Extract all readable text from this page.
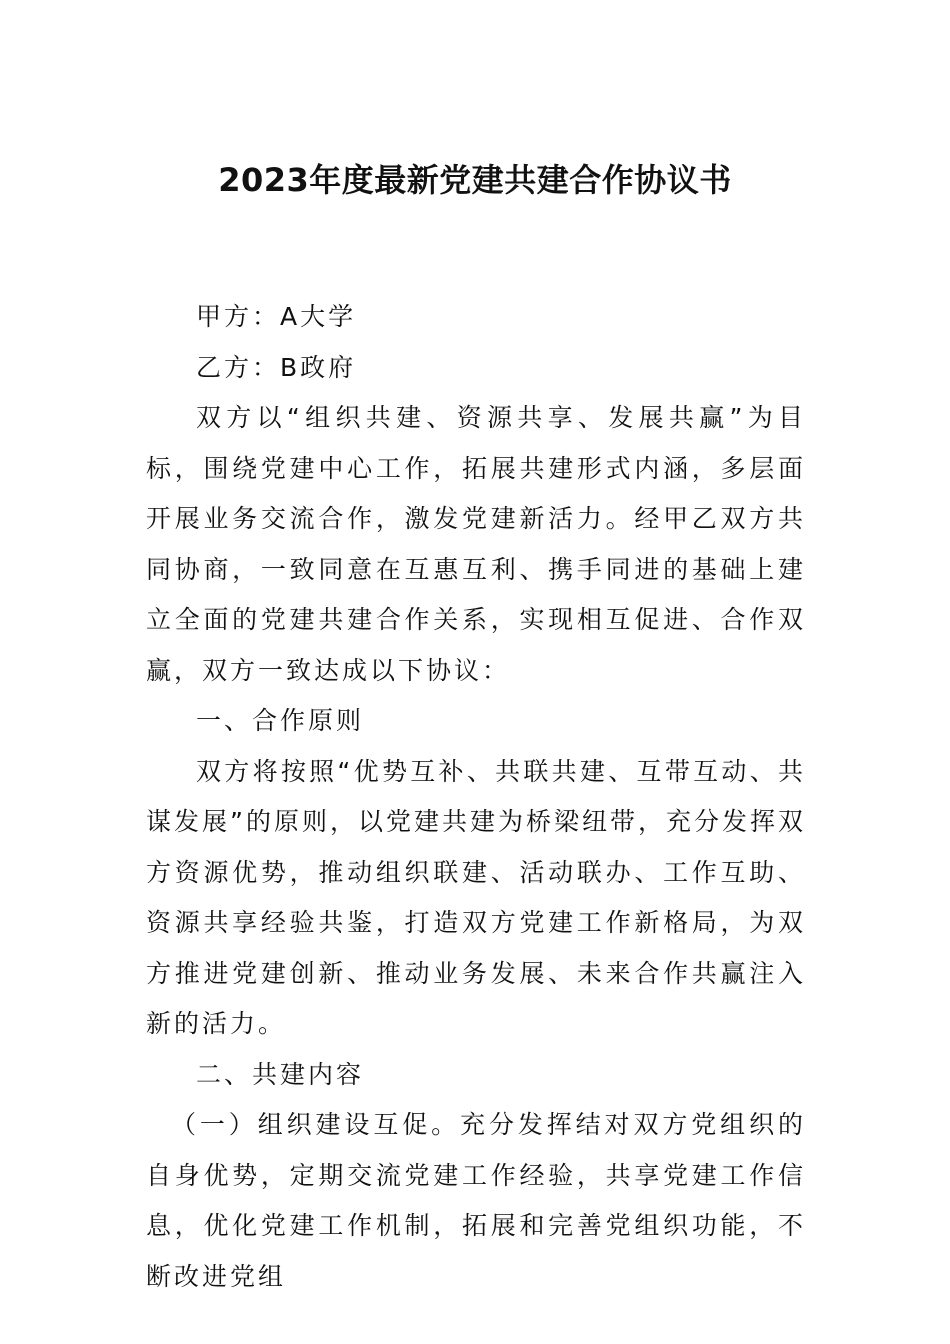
2023年度最新党建共建合作协议书

甲方：A大学

乙方：B政府

双方以“组织共建、资源共享、发展共赢”为目标，围绕党建中心工作，拓展共建形式内涵，多层面开展业务交流合作，激发党建新活力。经甲乙双方共同协商，一致同意在互惠互利、携手同进的基础上建立全面的党建共建合作关系，实现相互促进、合作双赢，双方一致达成以下协议：

一、合作原则

双方将按照“优势互补、共联共建、互带互动、共谋发展”的原则，以党建共建为桥梁纽带，充分发挥双方资源优势，推动组织联建、活动联办、工作互助、资源共享经验共鉴，打造双方党建工作新格局，为双方推进党建创新、推动业务发展、未来合作共赢注入新的活力。

二、共建内容

（一）组织建设互促。充分发挥结对双方党组织的自身优势，定期交流党建工作经验，共享党建工作信息，优化党建工作机制，拓展和完善党组织功能，不断改进党组
